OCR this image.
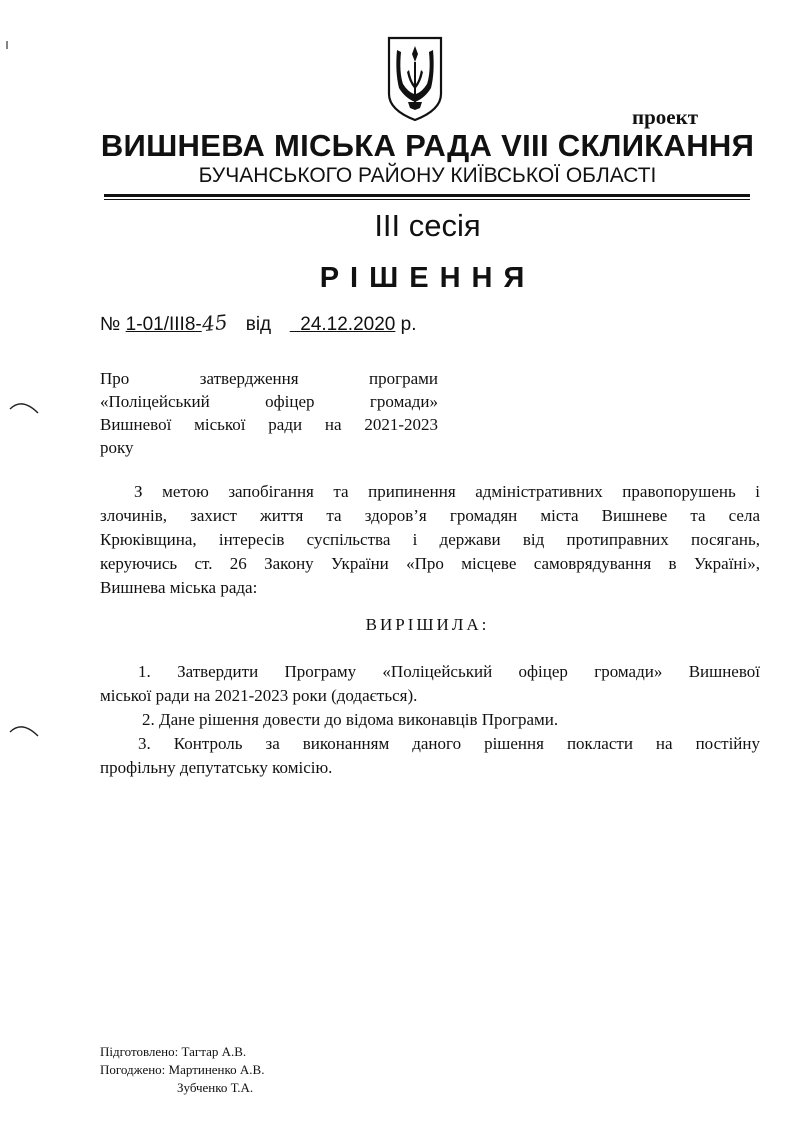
проект
ВИШНЕВА МІСЬКА РАДА VIII СКЛИКАННЯ
БУЧАНСЬКОГО РАЙОНУ КИЇВСЬКОЇ ОБЛАСТІ
ІІІ сесія
РІШЕННЯ
№ 1-01/ІІІ8-45 від 24.12.2020 р.
Про затвердження програми
«Поліцейський офіцер громади»
Вишневої міської ради на 2021-2023
року
З метою запобігання та припинення адміністративних правопорушень і
злочинів, захист життя та здоров’я громадян міста Вишневе та села
Крюківщина, інтересів суспільства і держави від протиправних посягань,
керуючись ст. 26 Закону України «Про місцеве самоврядування в Україні»,
Вишнева міська рада:
ВИРІШИЛА:
1. Затвердити Програму «Поліцейський офіцер громади» Вишневої
міської ради на 2021-2023 роки (додається).
2. Дане рішення довести до відома виконавців Програми.
3. Контроль за виконанням даного рішення покласти на постійну
профільну депутатську комісію.
Підготовлено: Тагтар А.В.
Погоджено: Мартиненко А.В.
Зубченко Т.А.
